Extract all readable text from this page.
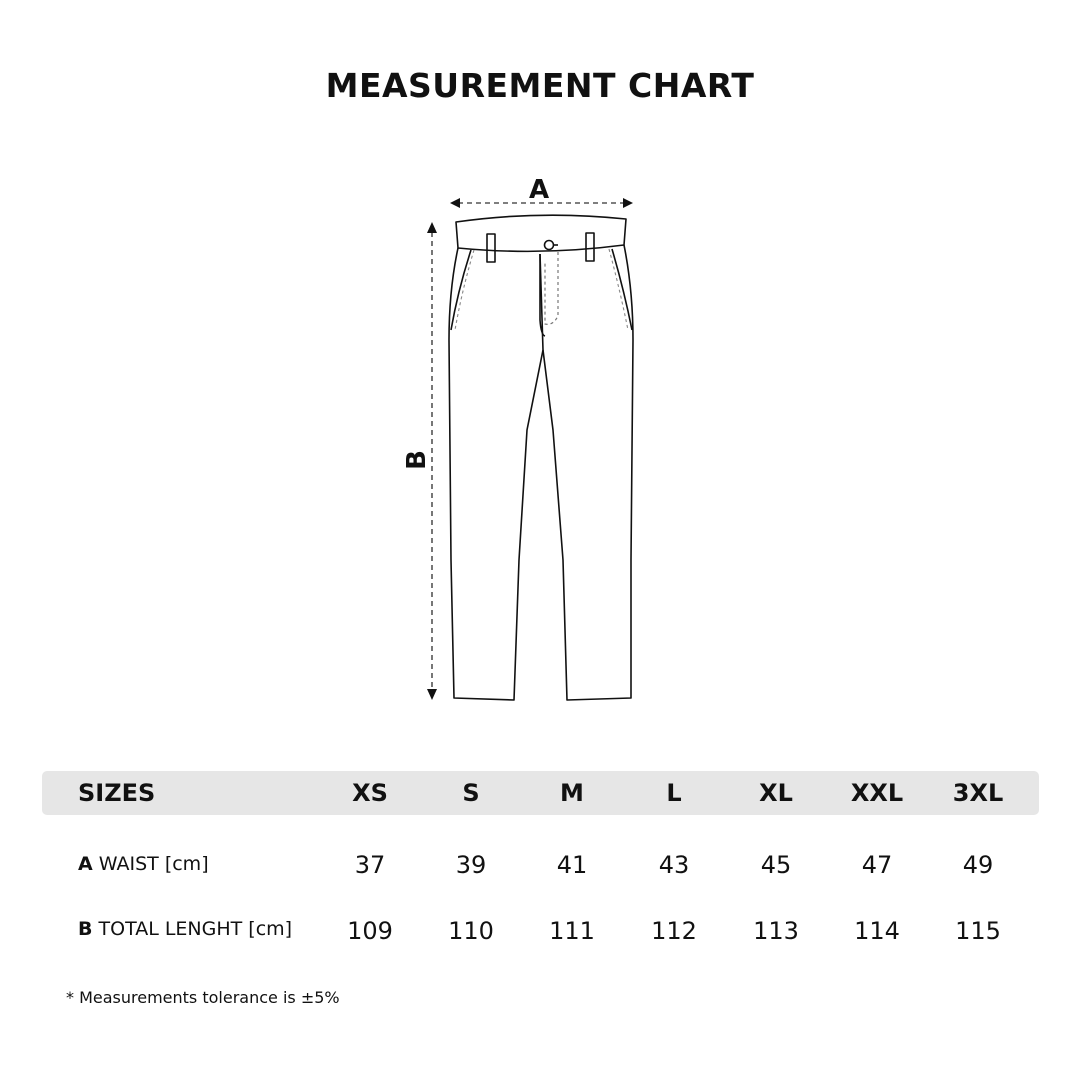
MEASUREMENT CHART
A
B
SIZES	XS	S	M	L	XL	XXL	3XL
A WAIST [cm]	37	39	41	43	45	47	49
B TOTAL LENGHT [cm]	109	110	111	112	113	114	115
* Measurements tolerance is ±5%
